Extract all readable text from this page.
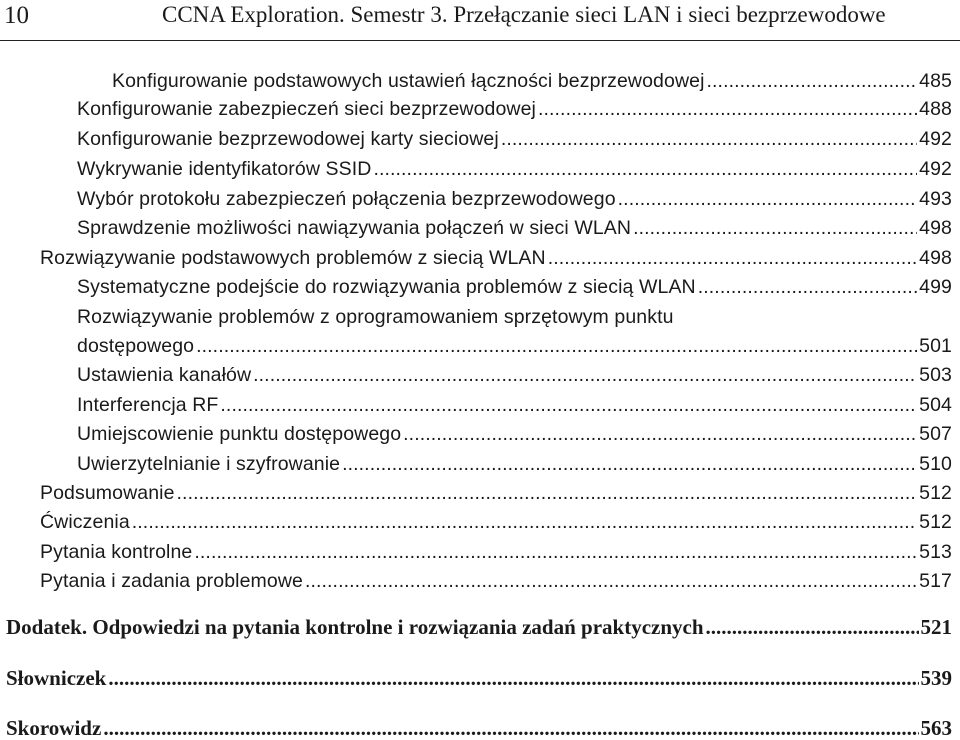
10	CCNA Exploration. Semestr 3. Przełączanie sieci LAN i sieci bezprzewodowe
Konfigurowanie podstawowych ustawień łączności bezprzewodowej .....	485
Konfigurowanie zabezpieczeń sieci bezprzewodowej .....	488
Konfigurowanie bezprzewodowej karty sieciowej .....	492
Wykrywanie identyfikatorów SSID .....	492
Wybór protokołu zabezpieczeń połączenia bezprzewodowego .....	493
Sprawdzenie możliwości nawiązywania połączeń w sieci WLAN .....	498
Rozwiązywanie podstawowych problemów z siecią WLAN .....	498
Systematyczne podejście do rozwiązywania problemów z siecią WLAN .....	499
Rozwiązywanie problemów z oprogramowaniem sprzętowym punktu
dostępowego .....	501
Ustawienia kanałów .....	503
Interferencja RF .....	504
Umiejscowienie punktu dostępowego .....	507
Uwierzytelnianie i szyfrowanie .....	510
Podsumowanie .....	512
Ćwiczenia .....	512
Pytania kontrolne .....	513
Pytania i zadania problemowe .....	517
Dodatek. Odpowiedzi na pytania kontrolne i rozwiązania zadań praktycznych .....	521
Słowniczek .....	539
Skorowidz .....	563
